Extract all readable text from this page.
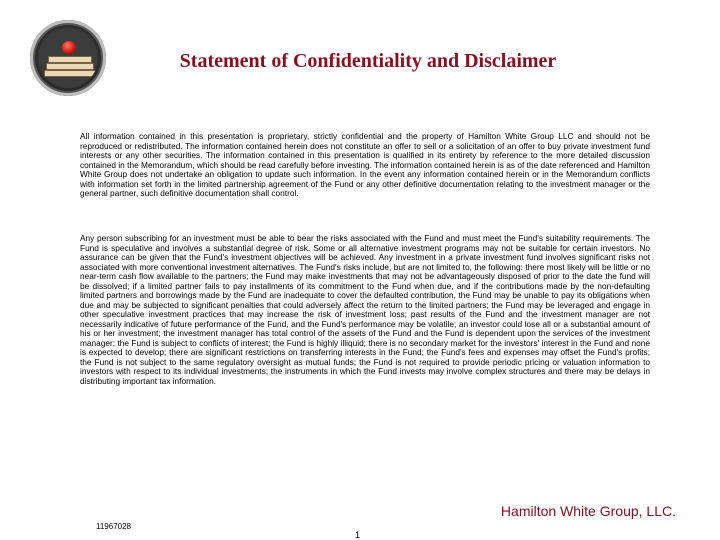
Statement of Confidentiality and Disclaimer
All information contained in this presentation is proprietary, strictly confidential and the property of Hamilton White Group LLC and should not be reproduced or redistributed. The information contained herein does not constitute an offer to sell or a solicitation of an offer to buy private investment fund interests or any other securities. The information contained in this presentation is qualified in its entirety by reference to the more detailed discussion contained in the Memorandum, which should be read carefully before investing. The information contained herein is as of the date referenced and Hamilton White Group does not undertake an obligation to update such information. In the event any information contained herein or in the Memorandum conflicts with information set forth in the limited partnership agreement of the Fund or any other definitive documentation relating to the investment manager or the general partner, such definitive documentation shall control.
Any person subscribing for an investment must be able to bear the risks associated with the Fund and must meet the Fund's suitability requirements. The Fund is speculative and involves a substantial degree of risk. Some or all alternative investment programs may not be suitable for certain investors. No assurance can be given that the Fund's investment objectives will be achieved. Any investment in a private investment fund involves significant risks not associated with more conventional investment alternatives. The Fund's risks include, but are not limited to, the following: there most likely will be little or no near-term cash flow available to the partners; the Fund may make investments that may not be advantageously disposed of prior to the date the fund will be dissolved; if a limited partner fails to pay installments of its commitment to the Fund when due, and if the contributions made by the non-defaulting limited partners and borrowings made by the Fund are inadequate to cover the defaulted contribution, the Fund may be unable to pay its obligations when due and may be subjected to significant penalties that could adversely affect the return to the limited partners; the Fund may be leveraged and engage in other speculative investment practices that may increase the risk of investment loss; past results of the Fund and the investment manager are not necessarily indicative of future performance of the Fund, and the Fund's performance may be volatile; an investor could lose all or a substantial amount of his or her investment; the investment manager has total control of the assets of the Fund and the Fund is dependent upon the services of the investment manager; the Fund is subject to conflicts of interest; the Fund is highly illiquid; there is no secondary market for the investors' interest in the Fund and none is expected to develop; there are significant restrictions on transferring interests in the Fund; the Fund's fees and expenses may offset the Fund's profits; the Fund is not subject to the same regulatory oversight as mutual funds; the Fund is not required to provide periodic pricing or valuation information to investors with respect to its individual investments; the instruments in which the Fund invests may involve complex structures and there may be delays in distributing important tax information.
Hamilton White Group, LLC.
11967028
1
